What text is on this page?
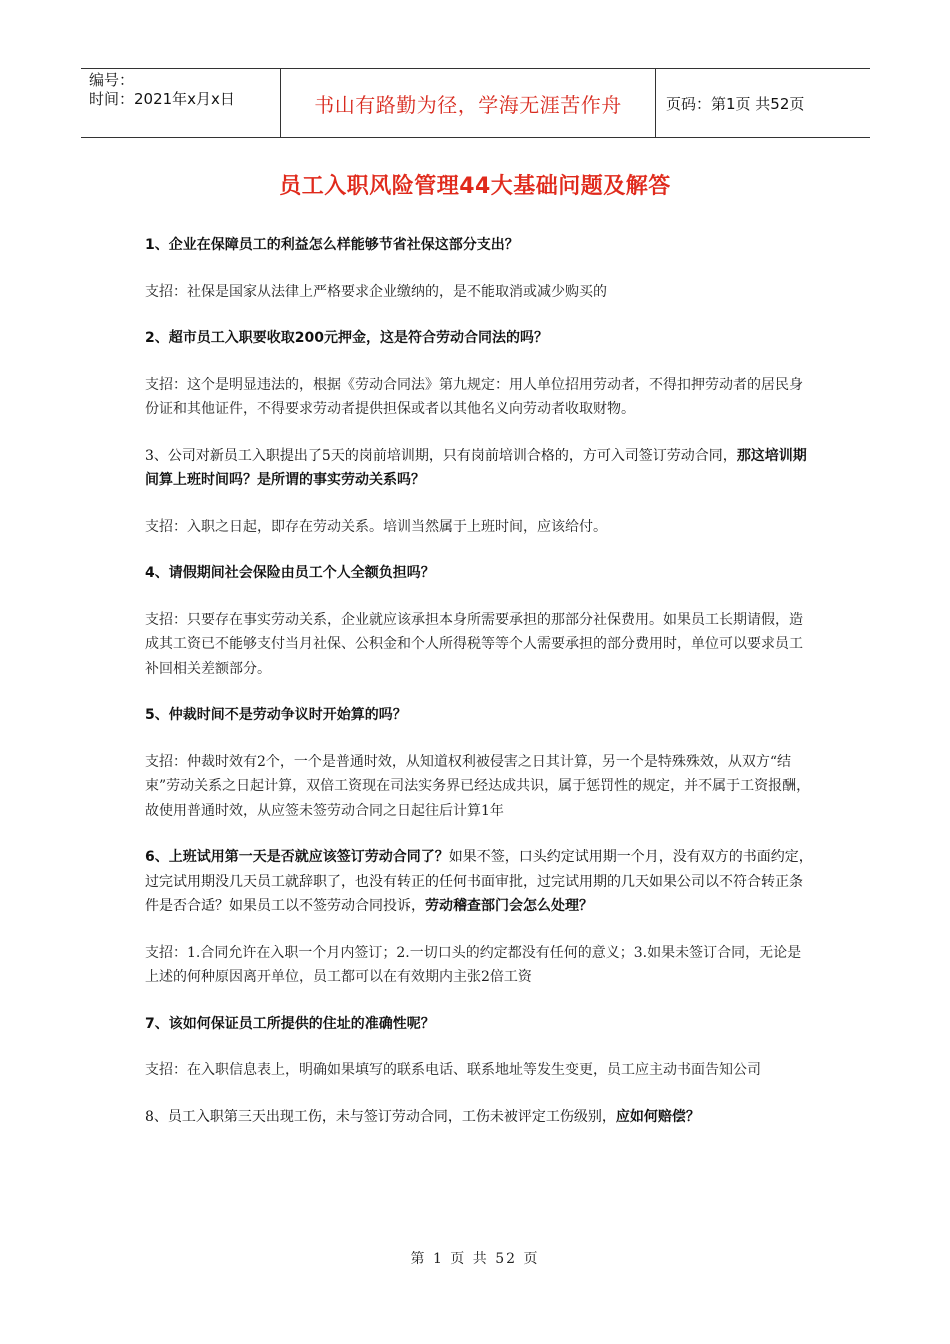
编号：
时间：2021年x月x日	书山有路勤为径，学海无涯苦作舟	页码：第1页 共52页
员工入职风险管理44大基础问题及解答

1、企业在保障员工的利益怎么样能够节省社保这部分支出？

支招：社保是国家从法律上严格要求企业缴纳的，是不能取消或减少购买的

2、超市员工入职要收取200元押金，这是符合劳动合同法的吗？

支招：这个是明显违法的，根据《劳动合同法》第九规定：用人单位招用劳动者，不得扣押劳动者的居民身份证和其他证件，不得要求劳动者提供担保或者以其他名义向劳动者收取财物。

3、公司对新员工入职提出了5天的岗前培训期，只有岗前培训合格的，方可入司签订劳动合同，那这培训期间算上班时间吗？是所谓的事实劳动关系吗？

支招：入职之日起，即存在劳动关系。培训当然属于上班时间，应该给付。

4、请假期间社会保险由员工个人全额负担吗？

支招：只要存在事实劳动关系，企业就应该承担本身所需要承担的那部分社保费用。如果员工长期请假，造成其工资已不能够支付当月社保、公积金和个人所得税等等个人需要承担的部分费用时，单位可以要求员工补回相关差额部分。

5、仲裁时间不是劳动争议时开始算的吗？

支招：仲裁时效有2个，一个是普通时效，从知道权利被侵害之日其计算，另一个是特殊殊效，从双方“结束”劳动关系之日起计算，双倍工资现在司法实务界已经达成共识，属于惩罚性的规定，并不属于工资报酬，故使用普通时效，从应签未签劳动合同之日起往后计算1年

6、上班试用第一天是否就应该签订劳动合同了？如果不签，口头约定试用期一个月，没有双方的书面约定，过完试用期没几天员工就辞职了，也没有转正的任何书面审批，过完试用期的几天如果公司以不符合转正条件是否合适？如果员工以不签劳动合同投诉，劳动稽查部门会怎么处理？

支招：1.合同允许在入职一个月内签订；2.一切口头的约定都没有任何的意义；3.如果未签订合同，无论是上述的何种原因离开单位，员工都可以在有效期内主张2倍工资

7、该如何保证员工所提供的住址的准确性呢？

支招：在入职信息表上，明确如果填写的联系电话、联系地址等发生变更，员工应主动书面告知公司

8、员工入职第三天出现工伤，未与签订劳动合同，工伤未被评定工伤级别，应如何赔偿？

第 1 页 共 52 页
